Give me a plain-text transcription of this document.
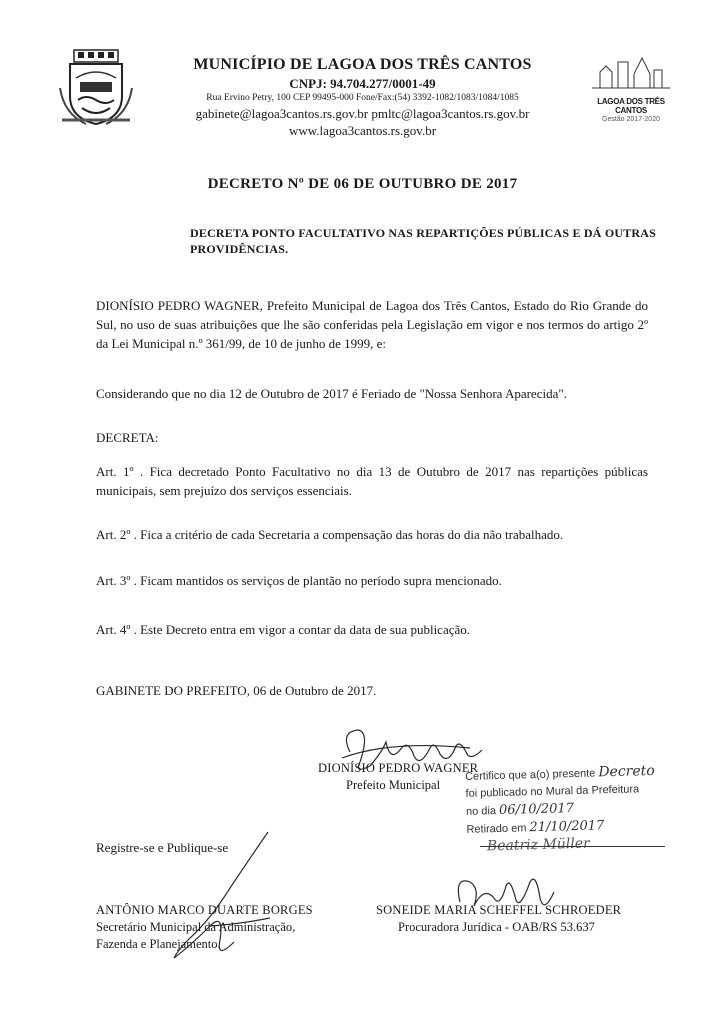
MUNICÍPIO DE LAGOA DOS TRÊS CANTOS
CNPJ: 94.704.277/0001-49
Rua Ervino Petry, 100 CEP 99495-000 Fone/Fax:(54) 3392-1082/1083/1084/1085
gabinete@lagoa3cantos.rs.gov.br pmltc@lagoa3cantos.rs.gov.br
www.lagoa3cantos.rs.gov.br
LAGOA DOS TRÊS CANTOS
Gestão 2017-2020
DECRETO Nº DE 06 DE OUTUBRO DE 2017
DECRETA PONTO FACULTATIVO NAS REPARTIÇÕES PÚBLICAS E DÁ OUTRAS PROVIDÊNCIAS.
DIONÍSIO PEDRO WAGNER, Prefeito Municipal de Lagoa dos Três Cantos, Estado do Rio Grande do Sul, no uso de suas atribuições que lhe são conferidas pela Legislação em vigor e nos termos do artigo 2º da Lei Municipal n.º 361/99, de 10 de junho de 1999, e:
Considerando que no dia 12 de Outubro de 2017 é Feriado de "Nossa Senhora Aparecida".
DECRETA:
Art. 1º . Fica decretado Ponto Facultativo no dia 13 de Outubro de 2017 nas repartições públicas municipais, sem prejuízo dos serviços essenciais.
Art. 2º . Fica a critério de cada Secretaria a compensação das horas do dia não trabalhado.
Art. 3º . Ficam mantidos os serviços de plantão no período supra mencionado.
Art. 4º . Este Decreto entra em vigor a contar da data de sua publicação.
GABINETE DO PREFEITO, 06 de Outubro de 2017.
DIONÍSIO PEDRO WAGNER
Prefeito Municipal
Certifico que a(o) presente Decreto
foi publicado no Mural da Prefeitura
no dia 06/10/2017
Retirado em 21/10/2017
Beatriz Müller
Registre-se e Publique-se
ANTÔNIO MARCO DUARTE BORGES
Secretário Municipal da Administração,
Fazenda e Planejamento.
SONEIDE MARIA SCHEFFEL SCHROEDER
Procuradora Jurídica - OAB/RS 53.637
